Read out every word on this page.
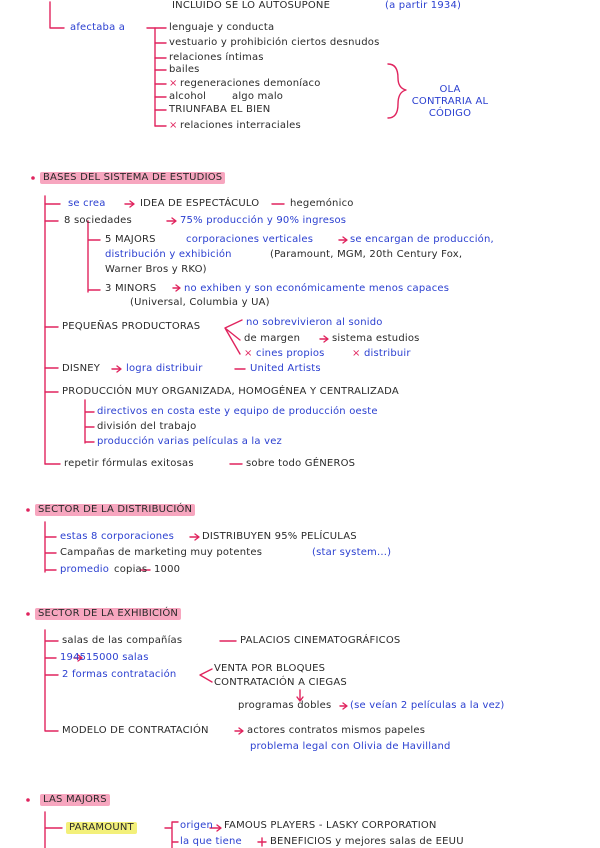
INCLUIDO SE LO AUTOSUPONE	(a partir 1934)
afectaba a	lenguaje y conducta
vestuario y prohibición ciertos desnudos
relaciones íntimas
bailes
× regeneraciones demoníaco
alcohol	algo malo
TRIUNFABA EL BIEN
× relaciones interraciales
OLA CONTRARIA AL CÓDIGO
BASES DEL SISTEMA DE ESTUDIOS
se crea	IDEA DE ESPECTÁCULO	hegemónico
8 sociedades	75% producción y 90% ingresos
5 MAJORS	corporaciones verticales	se encargan de producción,
distribución y exhibición	(Paramount, MGM, 20th Century Fox,
Warner Bros y RKO)
3 MINORS	no exhiben y son económicamente menos capaces
(Universal, Columbia y UA)
PEQUEÑAS PRODUCTORAS	no sobrevivieron al sonido
de margen	sistema estudios
× cines propios	× distribuir
DISNEY	logra distribuir	United Artists
PRODUCCIÓN MUY ORGANIZADA, HOMOGÉNEA Y CENTRALIZADA
directivos en costa este y equipo de producción oeste
división del trabajo
producción varias películas a la vez
repetir fórmulas exitosas	sobre todo GÉNEROS
SECTOR DE LA DISTRIBUCIÓN
estas 8 corporaciones	DISTRIBUYEN 95% PELÍCULAS
Campañas de marketing muy potentes	(star system...)
promedio copias 1000
SECTOR DE LA EXHIBICIÓN
salas de las compañías	PALACIOS CINEMATOGRÁFICOS
1945 15000 salas
2 formas contratación
VENTA POR BLOQUES
CONTRATACIÓN A CIEGAS
programas dobles (se veían 2 películas a la vez)
MODELO DE CONTRATACIÓN	actores contratos mismos papeles
problema legal con Olivia de Havilland
LAS MAJORS
PARAMOUNT	origen FAMOUS PLAYERS - LASKY CORPORATION
la que tiene	BENEFICIOS y mejores salas de EEUU
